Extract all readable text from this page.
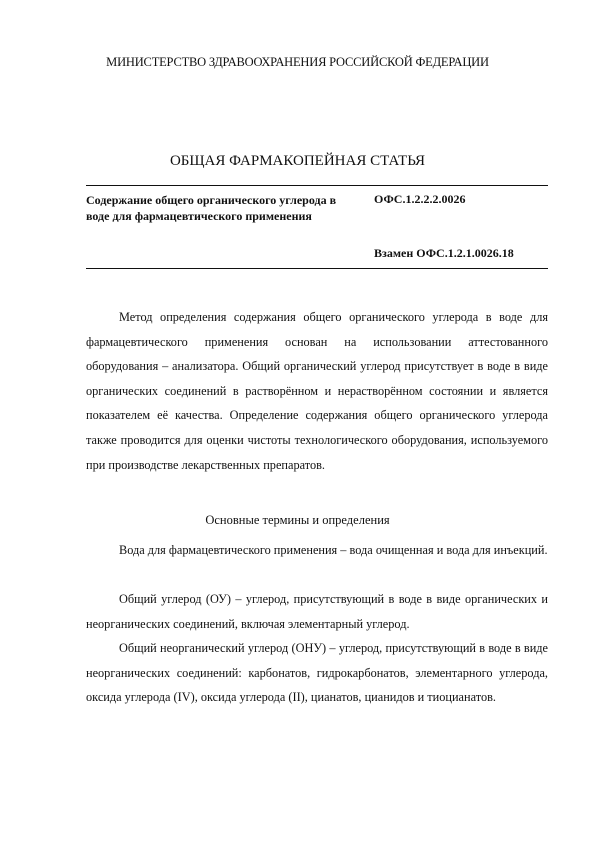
МИНИСТЕРСТВО ЗДРАВООХРАНЕНИЯ РОССИЙСКОЙ ФЕДЕРАЦИИ
ОБЩАЯ ФАРМАКОПЕЙНАЯ СТАТЬЯ
Содержание общего органического углерода в воде для фармацевтического применения
ОФС.1.2.2.2.0026
Взамен ОФС.1.2.1.0026.18

Метод определения содержания общего органического углерода в воде для фармацевтического применения основан на использовании аттестованного оборудования – анализатора. Общий органический углерод присутствует в воде в виде органических соединений в растворённом и нерастворённом состоянии и является показателем её качества. Определение содержания общего органического углерода также проводится для оценки чистоты технологического оборудования, используемого при производстве лекарственных препаратов.

Основные термины и определения

Вода для фармацевтического применения – вода очищенная и вода для инъекций.

Общий углерод (ОУ) – углерод, присутствующий в воде в виде органических и неорганических соединений, включая элементарный углерод.

Общий неорганический углерод (ОНУ) – углерод, присутствующий в воде в виде неорганических соединений: карбонатов, гидрокарбонатов, элементарного углерода, оксида углерода (IV), оксида углерода (II), цианатов, цианидов и тиоцианатов.
